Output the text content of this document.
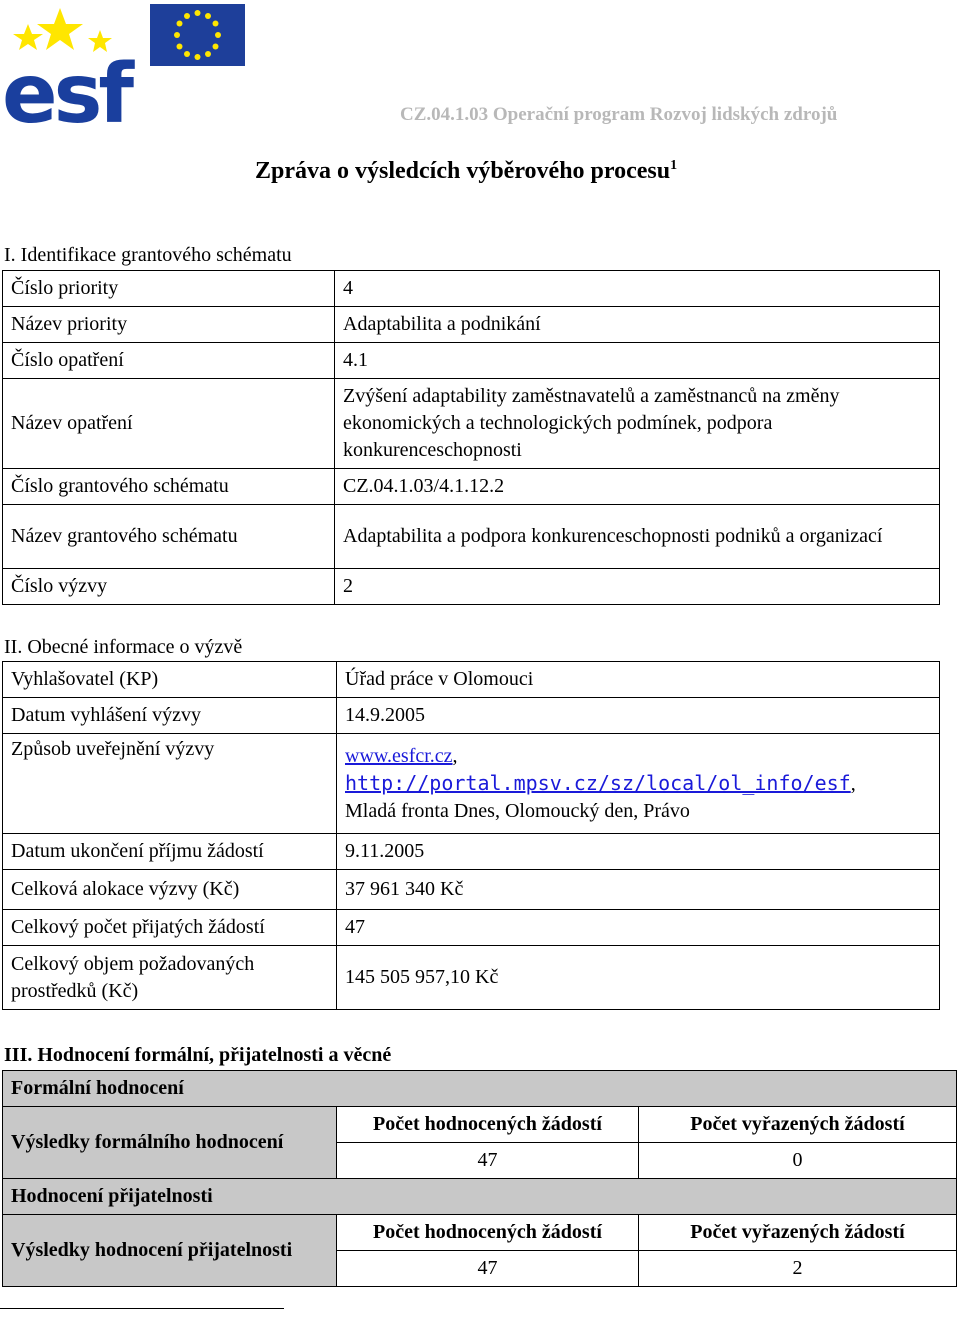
esf	CZ.04.1.03 Operační program Rozvoj lidských zdrojů
Zpráva o výsledcích výběrového procesu$^1$
I. Identifikace grantového schématu
Číslo priority	4
Název priority	Adaptabilita a podnikání
Číslo opatření	4.1
Název opatření	Zvýšení adaptability zaměstnavatelů a zaměstnanců na změny ekonomických a technologických podmínek, podpora konkurenceschopnosti
Číslo grantového schématu	CZ.04.1.03/4.1.12.2
Název grantového schématu	Adaptabilita a podpora konkurenceschopnosti podniků a organizací
Číslo výzvy	2
II. Obecné informace o výzvě
Vyhlašovatel (KP)	Úřad práce v Olomouci
Datum vyhlášení výzvy	14.9.2005
Způsob uveřejnění výzvy	www.esfcr.cz,
http://portal.mpsv.cz/sz/local/ol_info/esf,
Mladá fronta Dnes, Olomoucký den, Právo
Datum ukončení příjmu žádostí	9.11.2005
Celková alokace výzvy (Kč)	37 961 340 Kč
Celkový počet přijatých žádostí	47
Celkový objem požadovaných prostředků (Kč)	145 505 957,10 Kč
III. Hodnocení formální, přijatelnosti a věcné
Formální hodnocení		
Výsledky formálního hodnocení	Počet hodnocených žádostí	Počet vyřazených žádostí
	47	0
Hodnocení přijatelnosti		
Výsledky hodnocení přijatelnosti	Počet hodnocených žádostí	Počet vyřazených žádostí
	47	2
